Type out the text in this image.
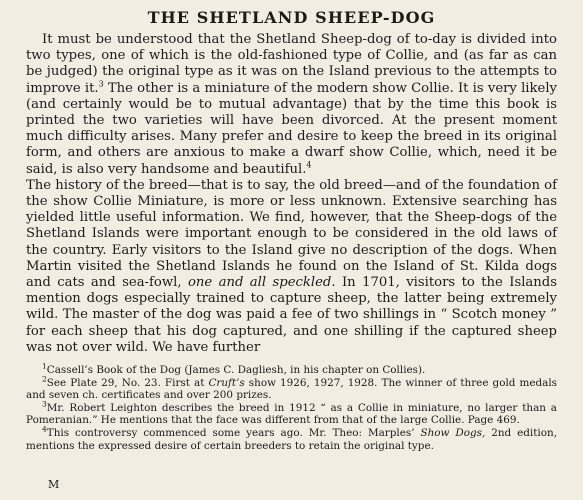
THE SHETLAND SHEEP-DOG

It must be understood that the Shetland Sheep-dog of to-day is divided into two types, one of which is the old-fashioned type of Collie, and (as far as can be judged) the original type as it was on the Island previous to the attempts to improve it.$^3$ The other is a miniature of the modern show Collie. It is very likely (and certainly would be to mutual advantage) that by the time this book is printed the two varieties will have been divorced. At the present moment much difficulty arises. Many prefer and desire to keep the breed in its original form, and others are anxious to make a dwarf show Collie, which, need it be said, is also very handsome and beautiful.$^4$

The history of the breed—that is to say, the old breed—and of the foundation of the show Collie Miniature, is more or less unknown. Extensive searching has yielded little useful information. We find, however, that the Sheep-dogs of the Shetland Islands were important enough to be considered in the old laws of the country. Early visitors to the Island give no description of the dogs. When Martin visited the Shetland Islands he found on the Island of St. Kilda dogs and cats and sea-fowl, one and all speckled. In 1701, visitors to the Islands mention dogs especially trained to capture sheep, the latter being extremely wild. The master of the dog was paid a fee of two shillings in “ Scotch money ” for each sheep that his dog captured, and one shilling if the captured sheep was not over wild. We have further

$^1$Cassell’s Book of the Dog (James C. Dagliesh, in his chapter on Collies).

$^2$See Plate 29, No. 23. First at Cruft’s show 1926, 1927, 1928. The winner of three gold medals and seven ch. certificates and over 200 prizes.

$^3$Mr. Robert Leighton describes the breed in 1912 “ as a Collie in miniature, no larger than a Pomeranian.” He mentions that the face was different from that of the large Collie. Page 469.

$^4$This controversy commenced some years ago. Mr. Theo: Marples’ Show Dogs, 2nd edition, mentions the expressed desire of certain breeders to retain the original type.

M
